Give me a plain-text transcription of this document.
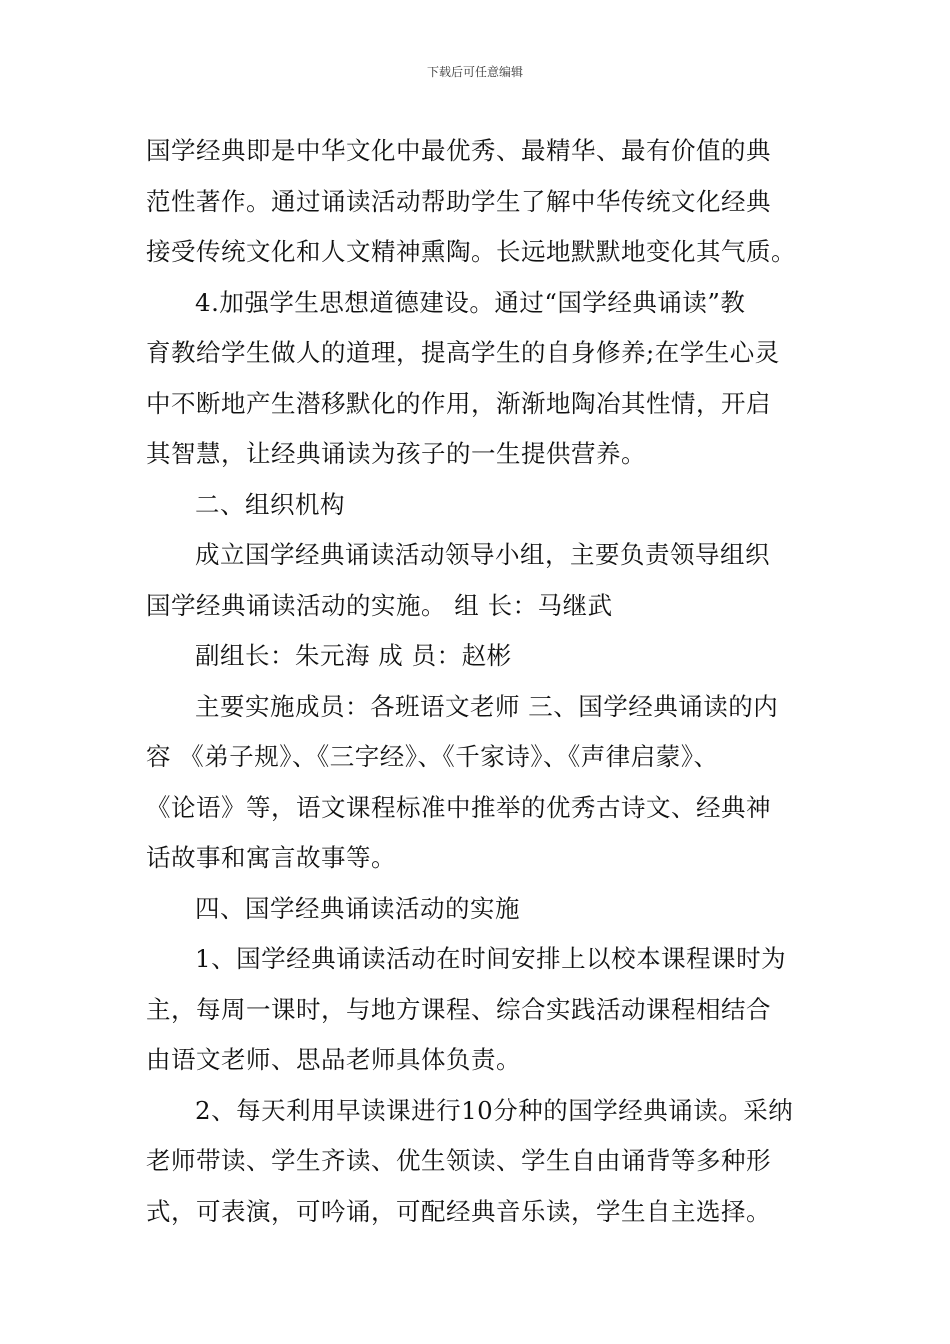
下载后可任意编辑
国学经典即是中华文化中最优秀、最精华、最有价值的典
范性著作。通过诵读活动帮助学生了解中华传统文化经典
接受传统文化和人文精神熏陶。长远地默默地变化其气质。
4.加强学生思想道德建设。通过“国学经典诵读”教
育教给学生做人的道理，提高学生的自身修养;在学生心灵
中不断地产生潜移默化的作用，渐渐地陶冶其性情，开启
其智慧，让经典诵读为孩子的一生提供营养。
二、组织机构
成立国学经典诵读活动领导小组，主要负责领导组织
国学经典诵读活动的实施。 组 长：马继武
副组长：朱元海 成 员：赵彬
主要实施成员：各班语文老师 三、国学经典诵读的内
容 《弟子规》、《三字经》、《千家诗》、《声律启蒙》、
《论语》等，语文课程标准中推举的优秀古诗文、经典神
话故事和寓言故事等。
四、国学经典诵读活动的实施
1、国学经典诵读活动在时间安排上以校本课程课时为
主，每周一课时，与地方课程、综合实践活动课程相结合
由语文老师、思品老师具体负责。
2、每天利用早读课进行10分种的国学经典诵读。采纳
老师带读、学生齐读、优生领读、学生自由诵背等多种形
式，可表演，可吟诵，可配经典音乐读，学生自主选择。
